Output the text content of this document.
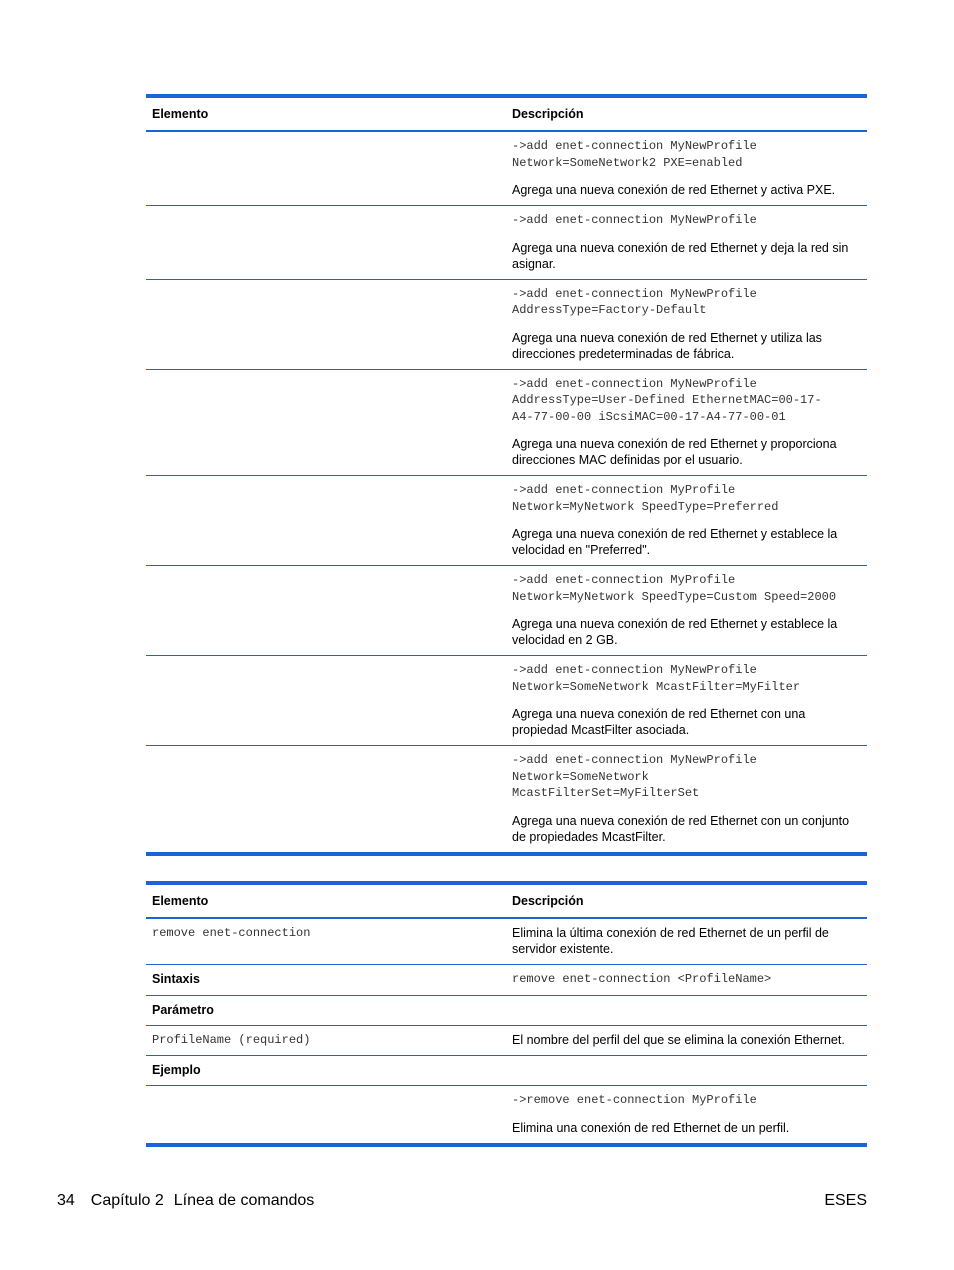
Elemento	Descripción

	->add enet-connection MyNewProfile
Network=SomeNetwork2 PXE=enabled
Agrega una nueva conexión de red Ethernet y activa PXE.

	->add enet-connection MyNewProfile
Agrega una nueva conexión de red Ethernet y deja la red sin asignar.

	->add enet-connection MyNewProfile
AddressType=Factory-Default
Agrega una nueva conexión de red Ethernet y utiliza las direcciones predeterminadas de fábrica.

	->add enet-connection MyNewProfile
AddressType=User-Defined EthernetMAC=00-17-
A4-77-00-00 iScsiMAC=00-17-A4-77-00-01
Agrega una nueva conexión de red Ethernet y proporciona direcciones MAC definidas por el usuario.

	->add enet-connection MyProfile
Network=MyNetwork SpeedType=Preferred
Agrega una nueva conexión de red Ethernet y establece la velocidad en "Preferred".

	->add enet-connection MyProfile
Network=MyNetwork SpeedType=Custom Speed=2000
Agrega una nueva conexión de red Ethernet y establece la velocidad en 2 GB.

	->add enet-connection MyNewProfile
Network=SomeNetwork McastFilter=MyFilter
Agrega una nueva conexión de red Ethernet con una propiedad McastFilter asociada.

	->add enet-connection MyNewProfile
Network=SomeNetwork
McastFilterSet=MyFilterSet
Agrega una nueva conexión de red Ethernet con un conjunto de propiedades McastFilter.
Elemento	Descripción
remove enet-connection	Elimina la última conexión de red Ethernet de un perfil de servidor existente.
Sintaxis	remove enet-connection <ProfileName>
Parámetro	
ProfileName (required)	El nombre del perfil del que se elimina la conexión Ethernet.
Ejemplo	

	->remove enet-connection MyProfile
Elimina una conexión de red Ethernet de un perfil.
34 Capítulo 2 Línea de comandos	ESES
